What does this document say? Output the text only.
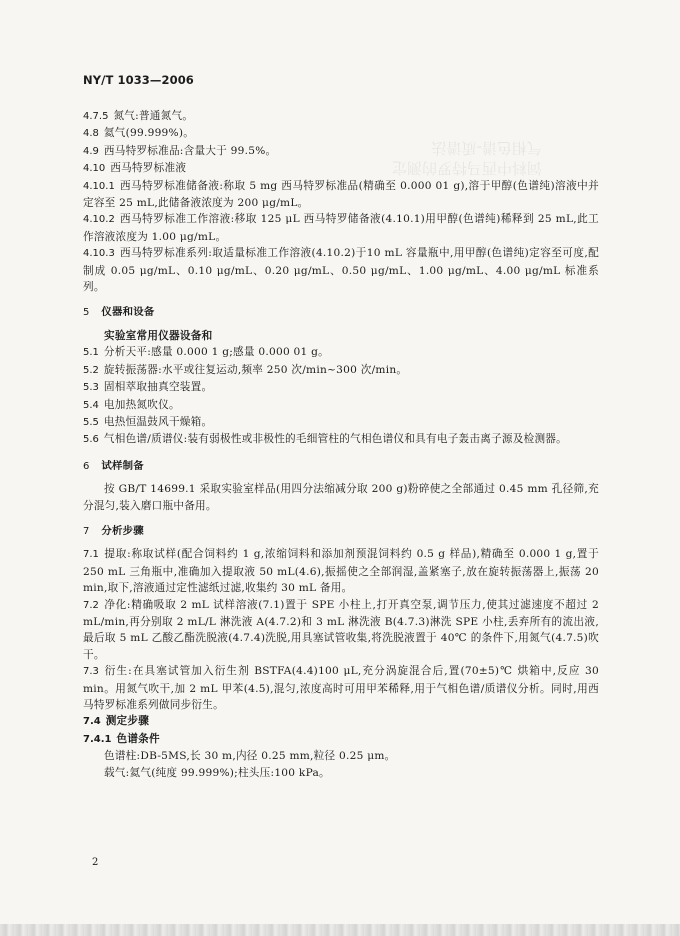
饲料中西马特罗的测定
气相色谱-质谱法
NY/T 1033—2006

4.7.5 氮气:普通氮气。

4.8 氦气(99.999%)。

4.9 西马特罗标准品:含量大于 99.5%。

4.10 西马特罗标准液

4.10.1 西马特罗标准储备液:称取 5 mg 西马特罗标准品(精确至 0.000 01 g),溶于甲醇(色谱纯)溶液中并定容至 25 mL,此储备液浓度为 200 μg/mL。

4.10.2 西马特罗标准工作溶液:移取 125 μL 西马特罗储备液(4.10.1)用甲醇(色谱纯)稀释到 25 mL,此工作溶液浓度为 1.00 μg/mL。

4.10.3 西马特罗标准系列:取适量标准工作溶液(4.10.2)于10 mL 容量瓶中,用甲醇(色谱纯)定容至可度,配制成 0.05 μg/mL、0.10 μg/mL、0.20 μg/mL、0.50 μg/mL、1.00 μg/mL、4.00 μg/mL 标准系列。

5 仪器和设备

实验室常用仪器设备和

5.1 分析天平:感量 0.000 1 g;感量 0.000 01 g。

5.2 旋转振荡器:水平或往复运动,频率 250 次/min~300 次/min。

5.3 固相萃取抽真空装置。

5.4 电加热氮吹仪。

5.5 电热恒温鼓风干燥箱。

5.6 气相色谱/质谱仪:装有弱极性或非极性的毛细管柱的气相色谱仪和具有电子轰击离子源及检测器。

6 试样制备

按 GB/T 14699.1 采取实验室样品(用四分法缩减分取 200 g)粉碎使之全部通过 0.45 mm 孔径筛,充分混匀,装入磨口瓶中备用。

7 分析步骤

7.1 提取:称取试样(配合饲料约 1 g,浓缩饲料和添加剂预混饲料约 0.5 g 样品),精确至 0.000 1 g,置于 250 mL 三角瓶中,准确加入提取液 50 mL(4.6),振摇使之全部润湿,盖紧塞子,放在旋转振荡器上,振荡 20 min,取下,溶液通过定性滤纸过滤,收集约 30 mL 备用。

7.2 净化:精确吸取 2 mL 试样溶液(7.1)置于 SPE 小柱上,打开真空泵,调节压力,使其过滤速度不超过 2 mL/min,再分别取 2 mL/L 淋洗液 A(4.7.2)和 3 mL 淋洗液 B(4.7.3)淋洗 SPE 小柱,丢弃所有的流出液,最后取 5 mL 乙酸乙酯洗脱液(4.7.4)洗脱,用具塞试管收集,将洗脱液置于 40℃ 的条件下,用氮气(4.7.5)吹干。

7.3 衍生:在具塞试管加入衍生剂 BSTFA(4.4)100 μL,充分涡旋混合后,置(70±5)℃ 烘箱中,反应 30 min。用氮气吹干,加 2 mL 甲苯(4.5),混匀,浓度高时可用甲苯稀释,用于气相色谱/质谱仪分析。同时,用西马特罗标准系列做同步衍生。

7.4 测定步骤

7.4.1 色谱条件

色谱柱:DB-5MS,长 30 m,内径 0.25 mm,粒径 0.25 μm。

载气:氦气(纯度 99.999%);柱头压:100 kPa。

2
